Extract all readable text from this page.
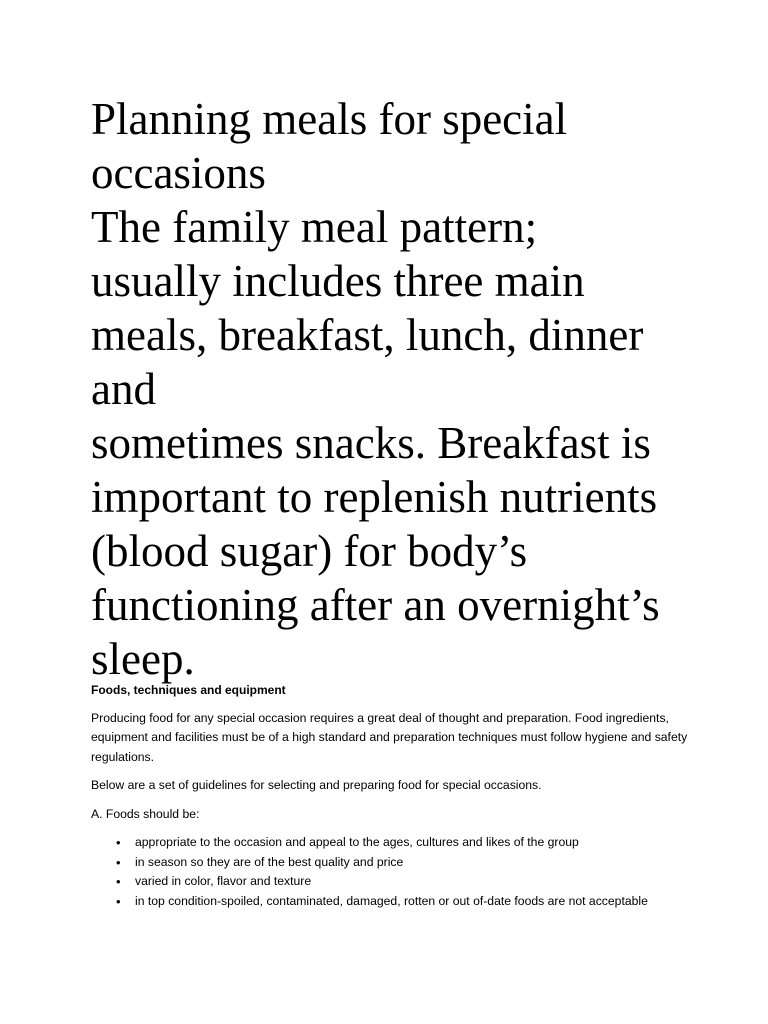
Planning meals for special
occasions
The family meal pattern;
usually includes three main
meals, breakfast, lunch, dinner
and
sometimes snacks. Breakfast is
important to replenish nutrients
(blood sugar) for body’s
functioning after an overnight’s
sleep.
Foods, techniques and equipment

Producing food for any special occasion requires a great deal of thought and preparation. Food ingredients, equipment and facilities must be of a high standard and preparation techniques must follow hygiene and safety regulations.

Below are a set of guidelines for selecting and preparing food for special occasions.

A. Foods should be:

• appropriate to the occasion and appeal to the ages, cultures and likes of the group
• in season so they are of the best quality and price
• varied in color, flavor and texture
• in top condition-spoiled, contaminated, damaged, rotten or out of-date foods are not acceptable
